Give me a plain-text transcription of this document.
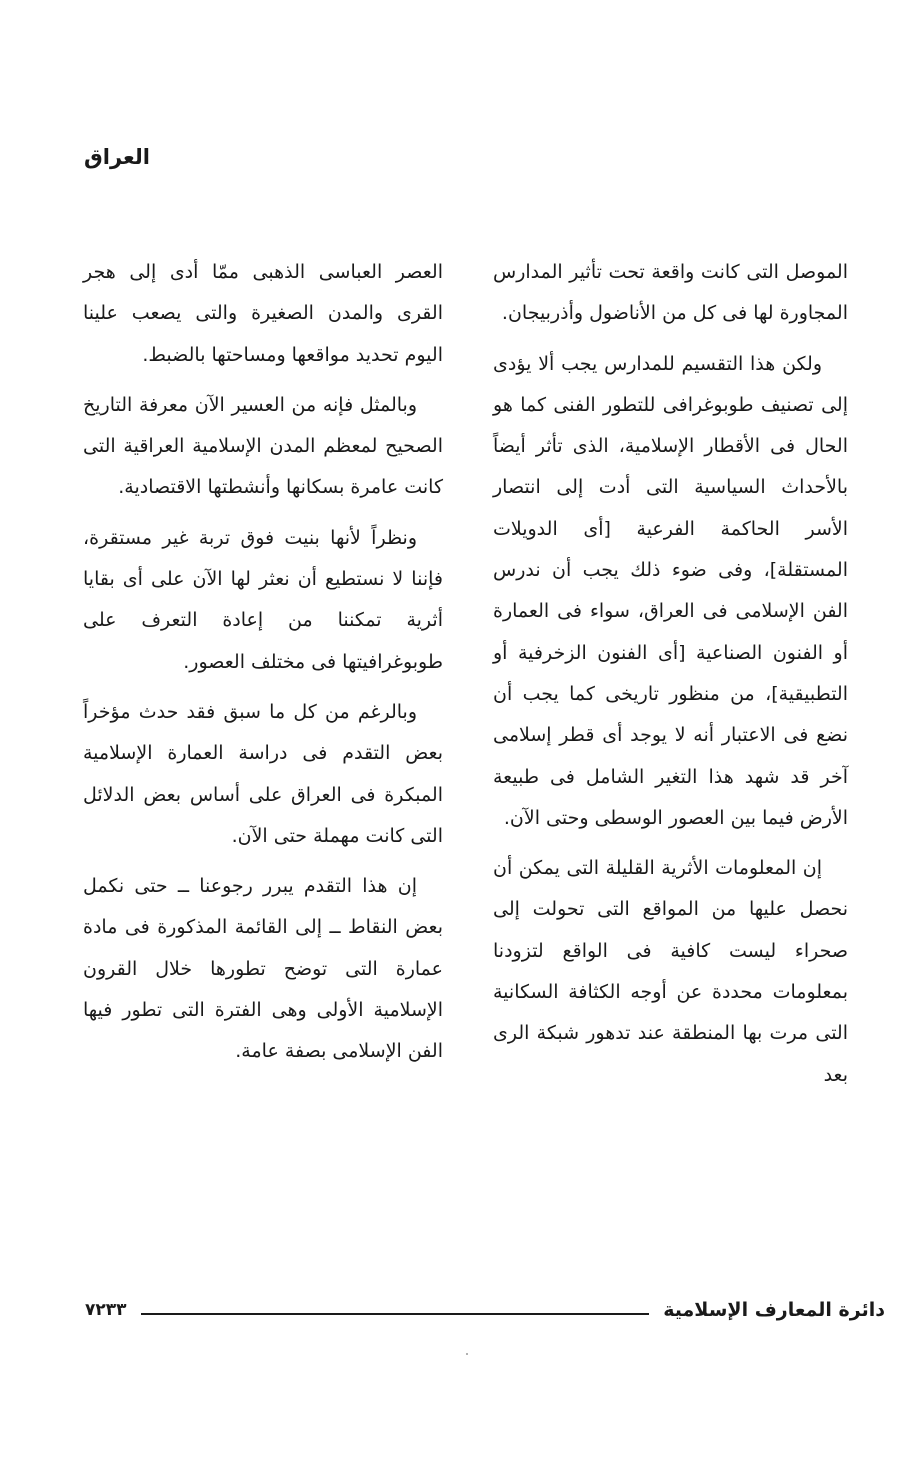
العراق

الموصل التى كانت واقعة تحت تأثير المدارس المجاورة لها فى كل من الأناضول وأذربيجان.

ولكن هذا التقسيم للمدارس يجب ألا يؤدى إلى تصنيف طوبوغرافى للتطور الفنى كما هو الحال فى الأقطار الإسلامية، الذى تأثر أيضاً بالأحداث السياسية التى أدت إلى انتصار الأسر الحاكمة الفرعية [أى الدويلات المستقلة]، وفى ضوء ذلك يجب أن ندرس الفن الإسلامى فى العراق، سواء فى العمارة أو الفنون الصناعية [أى الفنون الزخرفية أو التطبيقية]، من منظور تاريخى كما يجب أن نضع فى الاعتبار أنه لا يوجد أى قطر إسلامى آخر قد شهد هذا التغير الشامل فى طبيعة الأرض فيما بين العصور الوسطى وحتى الآن.

إن المعلومات الأثرية القليلة التى يمكن أن نحصل عليها من المواقع التى تحولت إلى صحراء ليست كافية فى الواقع لتزودنا بمعلومات محددة عن أوجه الكثافة السكانية التى مرت بها المنطقة عند تدهور شبكة الرى بعد

العصر العباسى الذهبى ممّا أدى إلى هجر القرى والمدن الصغيرة والتى يصعب علينا اليوم تحديد مواقعها ومساحتها بالضبط.

وبالمثل فإنه من العسير الآن معرفة التاريخ الصحيح لمعظم المدن الإسلامية العراقية التى كانت عامرة بسكانها وأنشطتها الاقتصادية.

ونظراً لأنها بنيت فوق تربة غير مستقرة، فإننا لا نستطيع أن نعثر لها الآن على أى بقايا أثرية تمكننا من إعادة التعرف على طوبوغرافيتها فى مختلف العصور.

وبالرغم من كل ما سبق فقد حدث مؤخراً بعض التقدم فى دراسة العمارة الإسلامية المبكرة فى العراق على أساس بعض الدلائل التى كانت مهملة حتى الآن.

إن هذا التقدم يبرر رجوعنا ــ حتى نكمل بعض النقاط ــ إلى القائمة المذكورة فى مادة عمارة التى توضح تطورها خلال القرون الإسلامية الأولى وهى الفترة التى تطور فيها الفن الإسلامى بصفة عامة.

دائرة المعارف الإسلامية
٧٢٣٣
